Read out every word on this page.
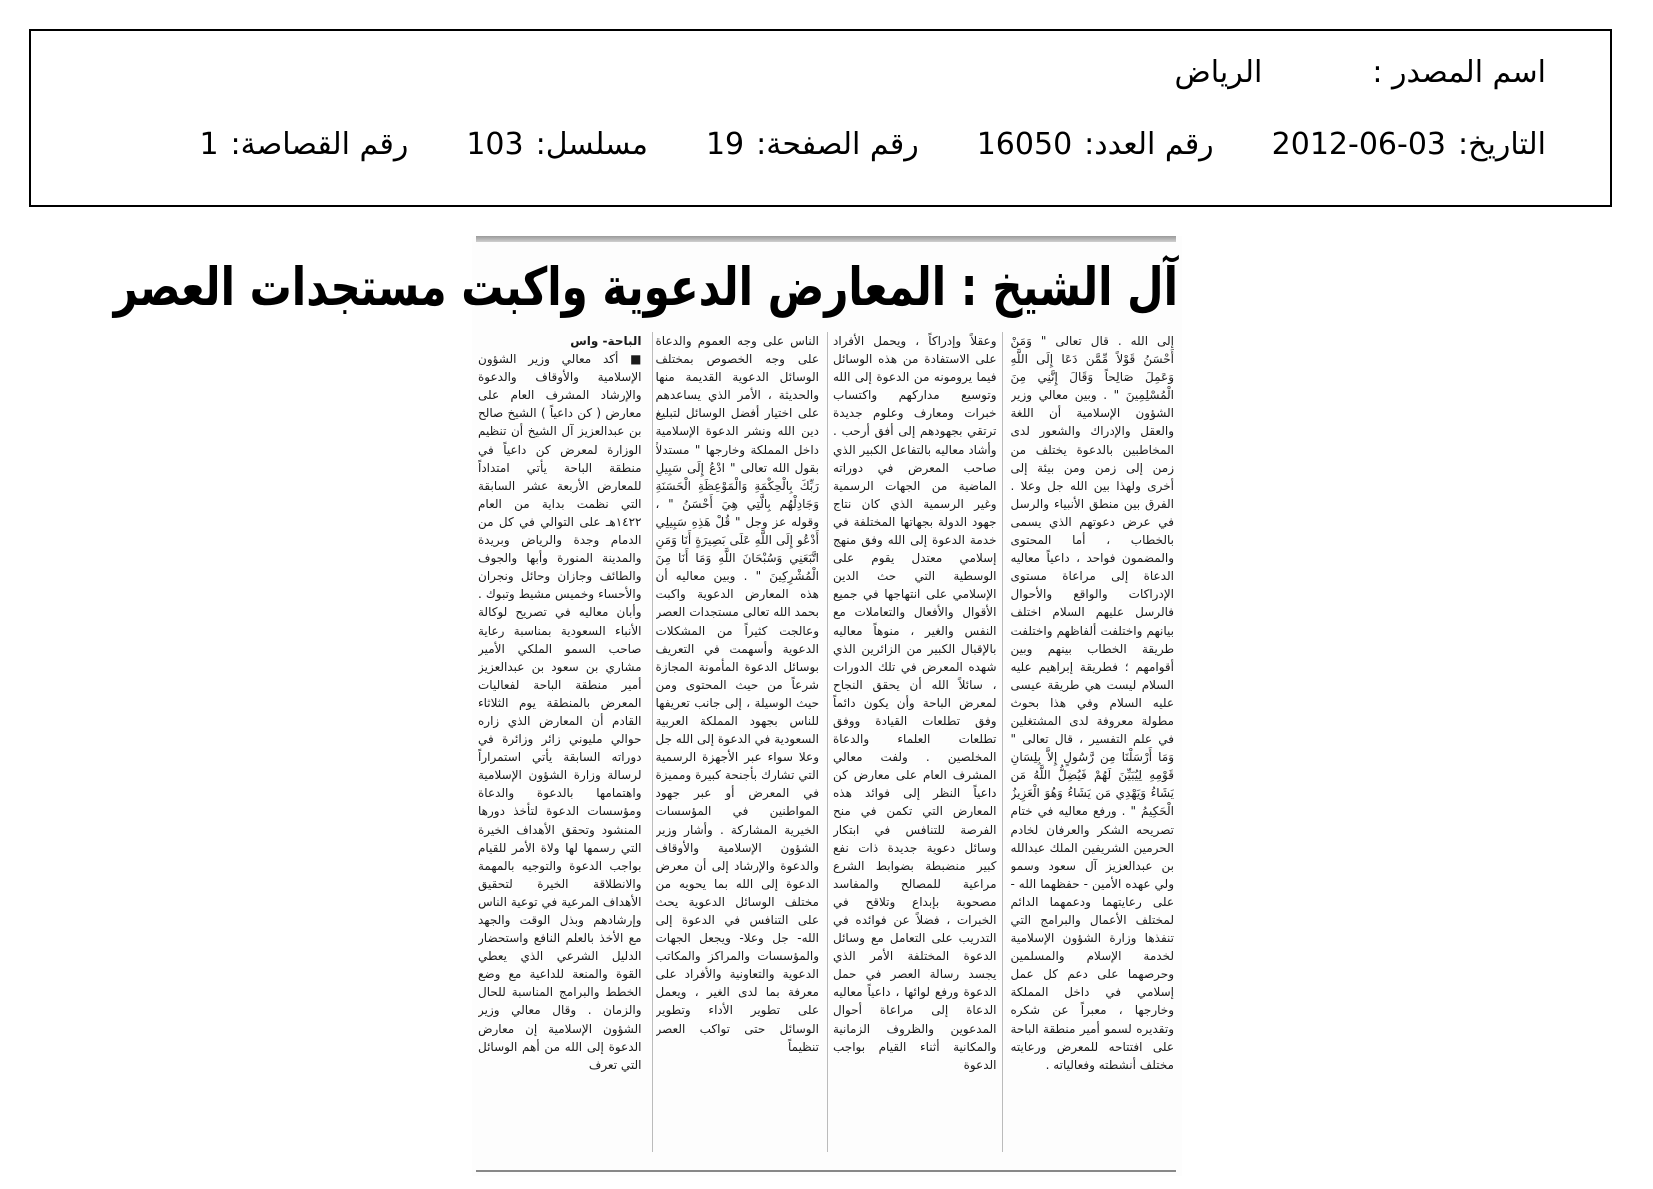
اسم المصدر :
الرياض
التاريخ:
2012-06-03
رقم العدد:
16050
رقم الصفحة:
19
مسلسل:
103
رقم القصاصة:
1
آل الشيخ : المعارض الدعوية واكبت مستجدات العصر
الباحة- واس

■ أكد معالي وزير الشؤون الإسلامية والأوقاف والدعوة والإرشاد المشرف العام على معارض ( كن داعياً ) الشيخ صالح بن عبدالعزيز آل الشيخ أن تنظيم الوزارة لمعرض كن داعياً في منطقة الباحة يأتي امتداداً للمعارض الأربعة عشر السابقة التي نظمت بداية من العام ١٤٢٢هـ على التوالي في كل من الدمام وجدة والرياض وبريدة والمدينة المنورة وأبها والجوف والطائف وجازان وحائل ونجران والأحساء وخميس مشيط وتبوك . وأبان معاليه في تصريح لوكالة الأنباء السعودية بمناسبة رعاية صاحب السمو الملكي الأمير مشاري بن سعود بن عبدالعزيز أمير منطقة الباحة لفعاليات المعرض بالمنطقة يوم الثلاثاء القادم أن المعارض الذي زاره حوالي مليوني زائر وزائرة في دوراته السابقة يأتي استمراراً لرسالة وزارة الشؤون الإسلامية واهتمامها بالدعوة والدعاة ومؤسسات الدعوة لتأخذ دورها المنشود وتحقق الأهداف الخيرة التي رسمها لها ولاة الأمر للقيام بواجب الدعوة والتوجيه بالمهمة والانطلاقة الخيرة لتحقيق الأهداف المرعية في توعية الناس وإرشادهم وبذل الوقت والجهد مع الأخذ بالعلم النافع واستحضار الدليل الشرعي الذي يعطي القوة والمنعة للداعية مع وضع الخطط والبرامج المناسبة للحال والزمان . وقال معالي وزير الشؤون الإسلامية إن معارض الدعوة إلى الله من أهم الوسائل التي تعرف

الناس على وجه العموم والدعاة على وجه الخصوص بمختلف الوسائل الدعوية القديمة منها والحديثة ، الأمر الذي يساعدهم على اختيار أفضل الوسائل لتبليغ دين الله ونشر الدعوة الإسلامية داخل المملكة وخارجها " مستدلاً بقول الله تعالى " ادْعُ إِلَى سَبِيلِ رَبِّكَ بِالْحِكْمَةِ وَالْمَوْعِظَةِ الْحَسَنَةِ وَجَادِلْهُم بِالَّتِي هِيَ أَحْسَنُ " ، وقوله عز وجل " قُلْ هَذِهِ سَبِيلِي أَدْعُو إِلَى اللَّهِ عَلَى بَصِيرَةٍ أَنَا وَمَنِ اتَّبَعَنِي وَسُبْحَانَ اللَّهِ وَمَا أَنَا مِنَ الْمُشْرِكِينَ " . وبين معاليه أن هذه المعارض الدعوية واكبت بحمد الله تعالى مستجدات العصر وعالجت كثيراً من المشكلات الدعوية وأسهمت في التعريف بوسائل الدعوة المأمونة المجازة شرعاً من حيث المحتوى ومن حيث الوسيلة ، إلى جانب تعريفها للناس بجهود المملكة العربية السعودية في الدعوة إلى الله جل وعلا سواء عبر الأجهزة الرسمية التي تشارك بأجنحة كبيرة ومميزة في المعرض أو عبر جهود المواطنين في المؤسسات الخيرية المشاركة . وأشار وزير الشؤون الإسلامية والأوقاف والدعوة والإرشاد إلى أن معرض الدعوة إلى الله بما يحويه من مختلف الوسائل الدعوية يحث على التنافس في الدعوة إلى الله- جل وعلا- ويجعل الجهات والمؤسسات والمراكز والمكاتب الدعوية والتعاونية والأفراد على معرفة بما لدى الغير ، ويعمل على تطوير الأداء وتطوير الوسائل حتى تواكب العصر تنظيماً

وعقلاً وإدراكاً ، ويحمل الأفراد على الاستفادة من هذه الوسائل فيما يرومونه من الدعوة إلى الله وتوسيع مداركهم واكتساب خبرات ومعارف وعلوم جديدة ترتقي بجهودهم إلى أفق أرحب . وأشاد معاليه بالتفاعل الكبير الذي صاحب المعرض في دوراته الماضية من الجهات الرسمية وغير الرسمية الذي كان نتاج جهود الدولة بجهاتها المختلفة في خدمة الدعوة إلى الله وفق منهج إسلامي معتدل يقوم على الوسطية التي حث الدين الإسلامي على انتهاجها في جميع الأقوال والأفعال والتعاملات مع النفس والغير ، منوهاً معاليه بالإقبال الكبير من الزائرين الذي شهده المعرض في تلك الدورات ، سائلاً الله أن يحقق النجاح لمعرض الباحة وأن يكون دائماً وفق تطلعات القيادة ووفق تطلعات العلماء والدعاة المخلصين . ولفت معالي المشرف العام على معارض كن داعياً النظر إلى فوائد هذه المعارض التي تكمن في منح الفرصة للتنافس في ابتكار وسائل دعوية جديدة ذات نفع كبير منضبطة بضوابط الشرع مراعية للمصالح والمفاسد مصحوبة بإبداع وتلاقح في الخبرات ، فضلاً عن فوائده في التدريب على التعامل مع وسائل الدعوة المختلفة الأمر الذي يجسد رسالة العصر في حمل الدعوة ورفع لوائها ، داعياً معاليه الدعاة إلى مراعاة أحوال المدعوين والظروف الزمانية والمكانية أثناء القيام بواجب الدعوة

إلى الله . قال تعالى " وَمَنْ أَحْسَنُ قَوْلاً مِّمَّن دَعَا إِلَى اللَّهِ وَعَمِلَ صَالِحاً وَقَالَ إِنَّنِي مِنَ الْمُسْلِمِينَ " . وبين معالي وزير الشؤون الإسلامية أن اللغة والعقل والإدراك والشعور لدى المخاطبين بالدعوة يختلف من زمن إلى زمن ومن بيئة إلى أخرى ولهذا بين الله جل وعلا . الفرق بين منطق الأنبياء والرسل في عرض دعوتهم الذي يسمى بالخطاب ، أما المحتوى والمضمون فواحد ، داعياً معاليه الدعاة إلى مراعاة مستوى الإدراكات والواقع والأحوال فالرسل عليهم السلام اختلف بيانهم واختلفت ألفاظهم واختلفت طريقة الخطاب بينهم وبين أقوامهم ؛ فطريقة إبراهيم عليه السلام ليست هي طريقة عيسى عليه السلام وفي هذا بحوث مطولة معروفة لدى المشتغلين في علم التفسير ، قال تعالى " وَمَا أَرْسَلْنَا مِن رَّسُولٍ إِلاَّ بِلِسَانِ قَوْمِهِ لِيُبَيِّنَ لَهُمْ فَيُضِلُّ اللَّهُ مَن يَشَاءُ وَيَهْدِي مَن يَشَاءُ وَهُوَ الْعَزِيزُ الْحَكِيمُ " . ورفع معاليه في ختام تصريحه الشكر والعرفان لخادم الحرمين الشريفين الملك عبدالله بن عبدالعزيز آل سعود وسمو ولي عهده الأمين - حفظهما الله - على رعايتهما ودعمهما الدائم لمختلف الأعمال والبرامج التي تنفذها وزارة الشؤون الإسلامية لخدمة الإسلام والمسلمين وحرصهما على دعم كل عمل إسلامي في داخل المملكة وخارجها ، معبراً عن شكره وتقديره لسمو أمير منطقة الباحة على افتتاحه للمعرض ورعايته مختلف أنشطته وفعالياته .
